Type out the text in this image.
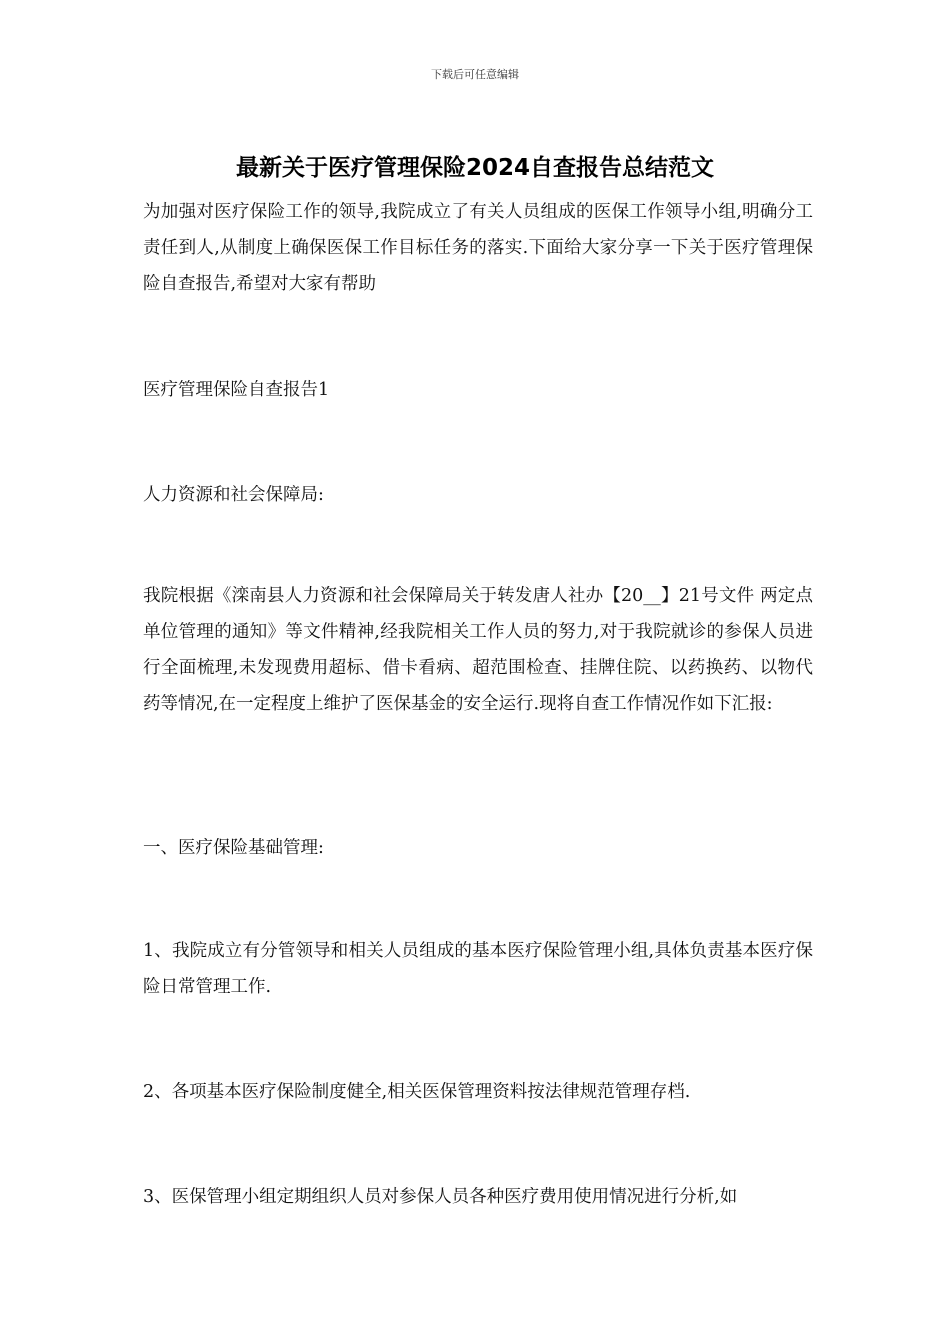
下载后可任意编辑
最新关于医疗管理保险2024自查报告总结范文

为加强对医疗保险工作的领导,我院成立了有关人员组成的医保工作领导小组,明确分工责任到人,从制度上确保医保工作目标任务的落实.下面给大家分享一下关于医疗管理保险自查报告,希望对大家有帮助

医疗管理保险自查报告1

人力资源和社会保障局:

我院根据《滦南县人力资源和社会保障局关于转发唐人社办【20__】21号文件 两定点 单位管理的通知》等文件精神,经我院相关工作人员的努力,对于我院就诊的参保人员进行全面梳理,未发现费用超标、借卡看病、超范围检查、挂牌住院、以药换药、以物代药等情况,在一定程度上维护了医保基金的安全运行.现将自查工作情况作如下汇报:

一、医疗保险基础管理:

1、我院成立有分管领导和相关人员组成的基本医疗保险管理小组,具体负责基本医疗保险日常管理工作.

2、各项基本医疗保险制度健全,相关医保管理资料按法律规范管理存档.

3、医保管理小组定期组织人员对参保人员各种医疗费用使用情况进行分析,如
